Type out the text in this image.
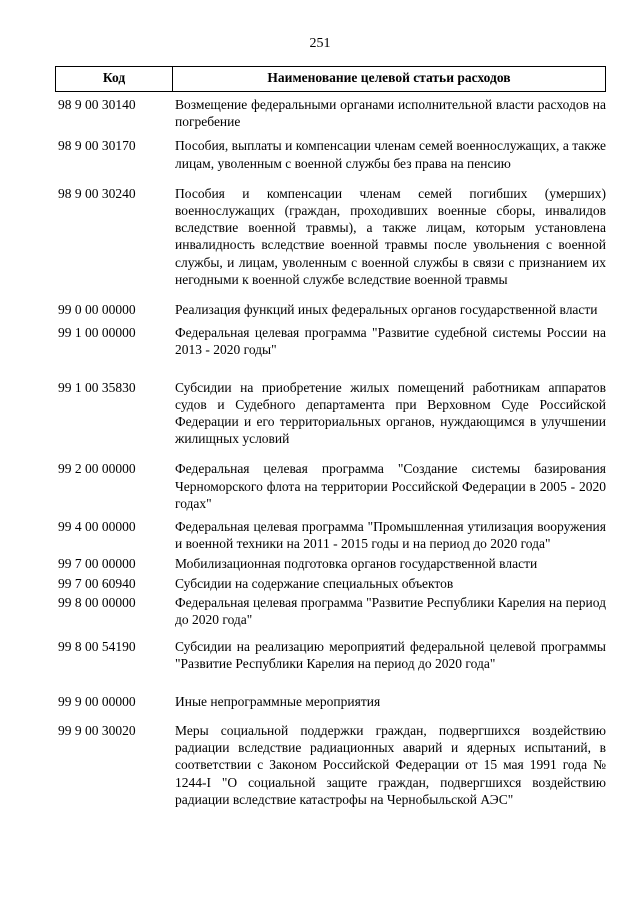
251
Код	Наименование целевой статьи расходов
98 9 00 30140	Возмещение федеральными органами исполнительной власти расходов на погребение
98 9 00 30170	Пособия, выплаты и компенсации членам семей военнослужащих, а также лицам, уволенным с военной службы без права на пенсию
98 9 00 30240	Пособия и компенсации членам семей погибших (умерших) военнослужащих (граждан, проходивших военные сборы, инвалидов вследствие военной травмы), а также лицам, которым установлена инвалидность вследствие военной травмы после увольнения с военной службы, и лицам, уволенным с военной службы в связи с признанием их негодными к военной службе вследствие военной травмы
99 0 00 00000	Реализация функций иных федеральных органов государственной власти
99 1 00 00000	Федеральная целевая программа "Развитие судебной системы России на 2013 - 2020 годы"
99 1 00 35830	Субсидии на приобретение жилых помещений работникам аппаратов судов и Судебного департамента при Верховном Суде Российской Федерации и его территориальных органов, нуждающимся в улучшении жилищных условий
99 2 00 00000	Федеральная целевая программа "Создание системы базирования Черноморского флота на территории Российской Федерации в 2005 - 2020 годах"
99 4 00 00000	Федеральная целевая программа "Промышленная утилизация вооружения и военной техники на 2011 - 2015 годы и на период до 2020 года"
99 7 00 00000	Мобилизационная подготовка органов государственной власти
99 7 00 60940	Субсидии на содержание специальных объектов
99 8 00 00000	Федеральная целевая программа "Развитие Республики Карелия на период до 2020 года"
99 8 00 54190	Субсидии на реализацию мероприятий федеральной целевой программы "Развитие Республики Карелия на период до 2020 года"
99 9 00 00000	Иные непрограммные мероприятия
99 9 00 30020	Меры социальной поддержки граждан, подвергшихся воздействию радиации вследствие радиационных аварий и ядерных испытаний, в соответствии с Законом Российской Федерации от 15 мая 1991 года № 1244-I "О социальной защите граждан, подвергшихся воздействию радиации вследствие катастрофы на Чернобыльской АЭС"
